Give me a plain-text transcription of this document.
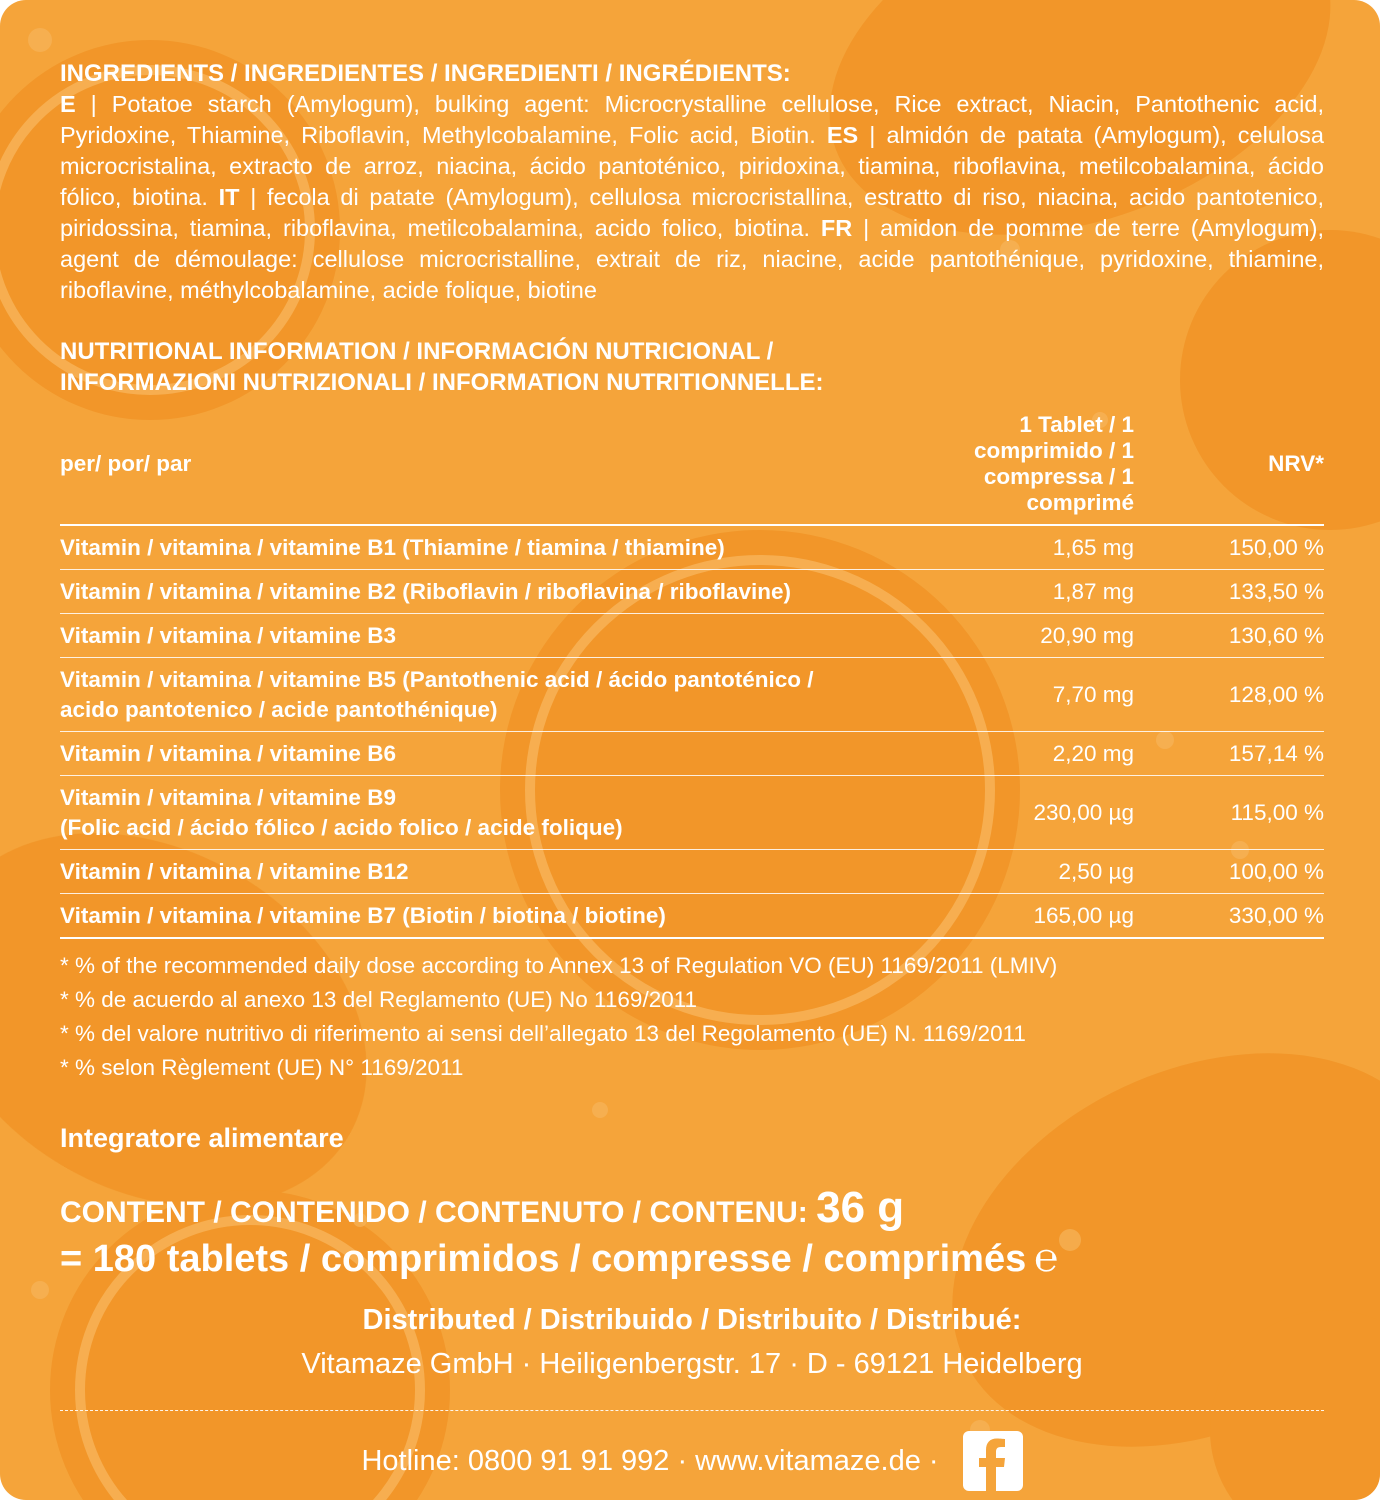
INGREDIENTS / INGREDIENTES / INGREDIENTI / INGRÉDIENTS:

E | Potatoe starch (Amylogum), bulking agent: Microcrystalline cellulose, Rice extract, Niacin, Pantothenic acid, Pyridoxine, Thiamine, Riboflavin, Methylcobalamine, Folic acid, Biotin. ES | almidón de patata (Amylogum), celulosa microcristalina, extracto de arroz, niacina, ácido pantoténico, piridoxina, tiamina, riboflavina, metilcobalamina, ácido fólico, biotina. IT | fecola di patate (Amylogum), cellulosa microcristallina, estratto di riso, niacina, acido pantotenico, piridossina, tiamina, riboflavina, metilcobalamina, acido folico, biotina. FR | amidon de pomme de terre (Amylogum), agent de démoulage: cellulose microcristalline, extrait de riz, niacine, acide pantothénique, pyridoxine, thiamine, riboflavine, méthylcobalamine, acide folique, biotine

NUTRITIONAL INFORMATION / INFORMACIÓN NUTRICIONAL /
INFORMAZIONI NUTRIZIONALI / INFORMATION NUTRITIONNELLE:
per/ por/ par	1 Tablet / 1 comprimido / 1 compressa / 1 comprimé	NRV*

Vitamin / vitamina / vitamine B1 (Thiamine / tiamina / thiamine)	1,65 mg	150,00 %

Vitamin / vitamina / vitamine B2 (Riboflavin / riboflavina / riboflavine)	1,87 mg	133,50 %

Vitamin / vitamina / vitamine B3	20,90 mg	130,60 %

Vitamin / vitamina / vitamine B5 (Pantothenic acid / ácido pantoténico /
acido pantotenico / acide pantothénique)	7,70 mg	128,00 %

Vitamin / vitamina / vitamine B6	2,20 mg	157,14 %

Vitamin / vitamina / vitamine B9
(Folic acid / ácido fólico / acido folico / acide folique)	230,00 µg	115,00 %

Vitamin / vitamina / vitamine B12	2,50 µg	100,00 %

Vitamin / vitamina / vitamine B7 (Biotin / biotina / biotine)	165,00 µg	330,00 %

* % of the recommended daily dose according to Annex 13 of Regulation VO (EU) 1169/2011 (LMIV)

* % de acuerdo al anexo 13 del Reglamento (UE) No 1169/2011

* % del valore nutritivo di riferimento ai sensi dell’allegato 13 del Regolamento (UE) N. 1169/2011

* % selon Règlement (UE) N° 1169/2011

Integratore alimentare
CONTENT / CONTENIDO / CONTENUTO / CONTENU: 36 g
= 180 tablets / comprimidos / compresse / comprimés ℮
Distributed / Distribuido / Distribuito / Distribué:
Vitamaze GmbH · Heiligenbergstr. 17 · D - 69121 Heidelberg
Hotline: 0800 91 91 992 · www.vitamaze.de ·
